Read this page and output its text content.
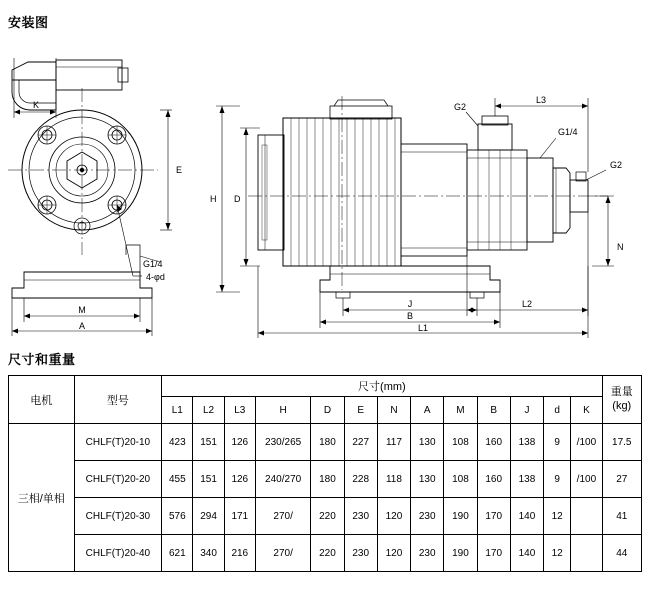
安装图
K
E
G1/4
4-φd
M
A
H D
N
G2
G1/4
G2
J
B
L1
L2
L3
尺寸和重量
电机	型号	尺寸(mm)													重量
(kg)

		L1	L2	L3	H	D	E	N	A	M	B	J	d	K	
三相/单相	CHLF(T)20-10	423	151	126	230/265	180	227	117	130	108	160	138	9	/100	17.5
	CHLF(T)20-20	455	151	126	240/270	180	228	118	130	108	160	138	9	/100	27
	CHLF(T)20-30	576	294	171	270/	220	230	120	230	190	170	140	12		41
	CHLF(T)20-40	621	340	216	270/	220	230	120	230	190	170	140	12		44
